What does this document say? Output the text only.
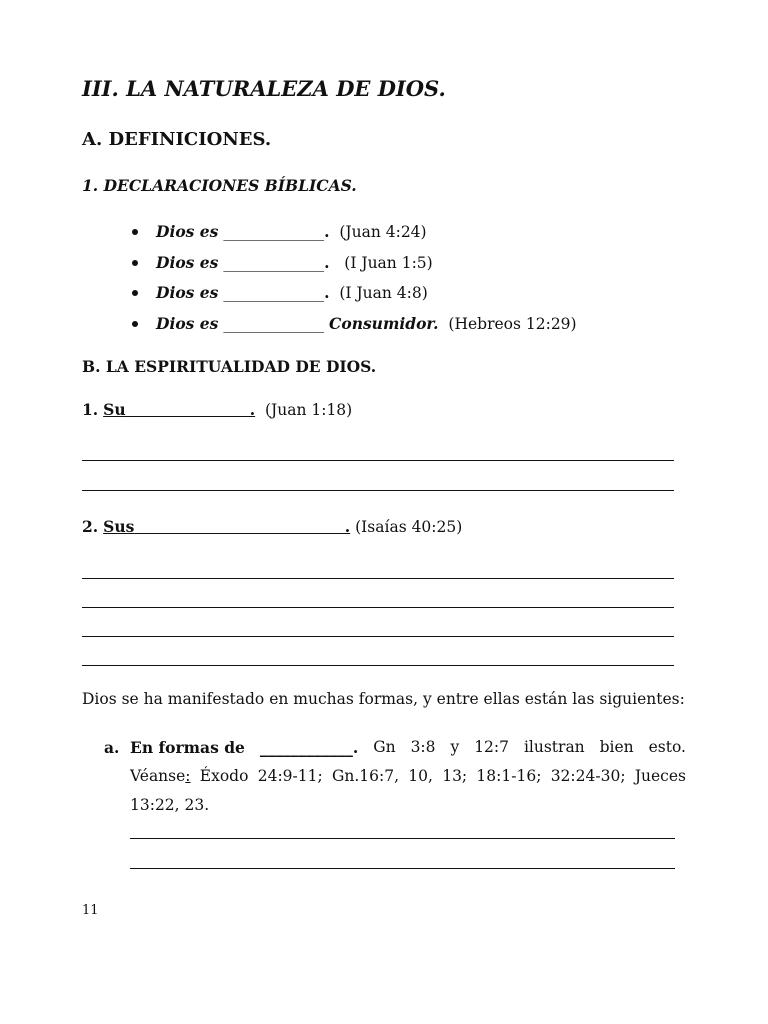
III. LA NATURALEZA DE DIOS.
A. DEFINICIONES.
1. DECLARACIONES BÍBLICAS.
Dios es _____________. (Juan 4:24)
Dios es _____________. (I Juan 1:5)
Dios es _____________. (I Juan 4:8)
Dios es _____________ Consumidor. (Hebreos 12:29)
B. LA ESPIRITUALIDAD DE DIOS.
1. Su                       . (Juan 1:18)
2. Sus                                       . (Isaías 40:25)
Dios se ha manifestado en muchas formas, y entre ellas están las siguientes:
a. En formas de ____________. Gn 3:8 y 12:7 ilustran bien esto.
Véanse: Éxodo 24:9-11; Gn.16:7, 10, 13; 18:1-16; 32:24-30; Jueces
13:22, 23.
11
